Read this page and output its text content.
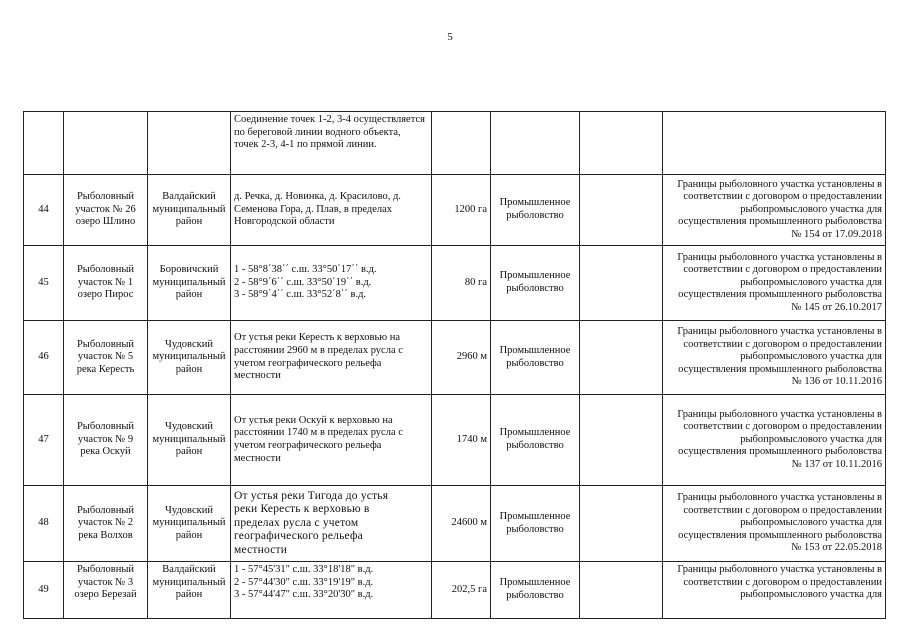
5

			Соединение точек 1-2, 3-4 осуществляется
по береговой линии водного объекта,
точек 2-3, 4-1 по прямой линии.				

44	Рыболовный
участок № 26
озеро Шлино	Валдайский
муниципальный
район	д. Речка, д. Новинка, д. Красилово, д.
Семенова Гора, д. Плав, в пределах
Новгородской области	1200 га	Промышленное
рыболовство		Границы рыболовного участка установлены в
соответствии с договором о предоставлении
рыбопромыслового участка для
осуществления промышленного рыболовства
№ 154 от 17.09.2018

45	Рыболовный
участок № 1
озеро Пирос	Боровичский
муниципальный
район	1 - 58°8΄38΄΄ с.ш. 33°50΄17΄΄ в.д.
2 - 58°9΄6΄΄ с.ш. 33°50΄19΄΄ в.д.
3 - 58°9΄4΄΄ с.ш. 33°52΄8΄΄ в.д.	80 га	Промышленное
рыболовство		Границы рыболовного участка установлены в
соответствии с договором о предоставлении
рыбопромыслового участка для
осуществления промышленного рыболовства
№ 145 от 26.10.2017

46	Рыболовный
участок № 5
река Кересть	Чудовский
муниципальный
район	От устья реки Кересть к верховью на
расстоянии 2960 м в пределах русла с
учетом географического рельефа
местности	2960 м	Промышленное
рыболовство		Границы рыболовного участка установлены в
соответствии с договором о предоставлении
рыбопромыслового участка для
осуществления промышленного рыболовства
№ 136 от 10.11.2016

47	Рыболовный
участок № 9
река Оскуй	Чудовский
муниципальный
район	От устья реки Оскуй к верховью на
расстоянии 1740 м в пределах русла с
учетом географического рельефа
местности	1740 м	Промышленное
рыболовство		Границы рыболовного участка установлены в
соответствии с договором о предоставлении
рыбопромыслового участка для
осуществления промышленного рыболовства
№ 137 от 10.11.2016

48	Рыболовный
участок № 2
река Волхов	Чудовский
муниципальный
район	От устья реки Тигода до устья
реки Кересть к верховью в
пределах русла с учетом
географического рельефа
местности	24600 м	Промышленное
рыболовство		Границы рыболовного участка установлены в
соответствии с договором о предоставлении
рыбопромыслового участка для
осуществления промышленного рыболовства
№ 153 от 22.05.2018

49	Рыболовный
участок № 3
озеро Березай	Валдайский
муниципальный
район	1 - 57°45'31" с.ш. 33°18'18" в.д.
2 - 57°44'30" с.ш. 33°19'19" в.д.
3 - 57°44'47" с.ш. 33°20'30" в.д.	202,5 га	Промышленное
рыболовство		Границы рыболовного участка установлены в
соответствии с договором о предоставлении
рыбопромыслового участка для
